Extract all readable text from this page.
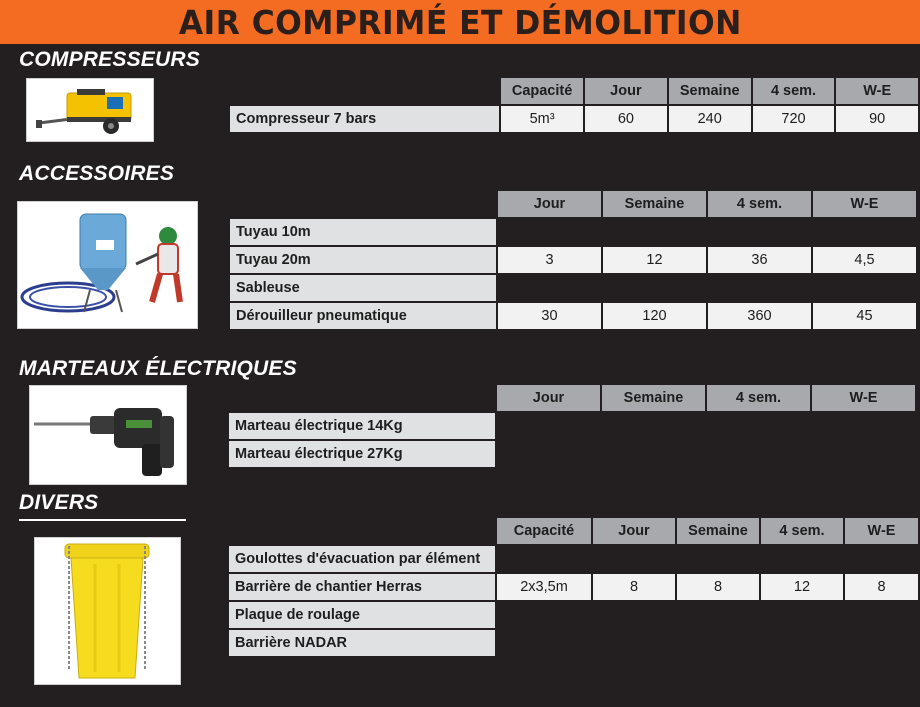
AIR COMPRIMÉ ET DÉMOLITION
COMPRESSEURS
	Capacité	Jour	Semaine	4 sem.	W-E
Compresseur 7 bars	5m³	60	240	720	90
ACCESSOIRES
	Jour	Semaine	4 sem.	W-E
Tuyau 10m				
Tuyau 20m	3	12	36	4,5
Sableuse				
Dérouilleur pneumatique	30	120	360	45
MARTEAUX ÉLECTRIQUES
	Jour	Semaine	4 sem.	W-E
Marteau électrique 14Kg				
Marteau électrique 27Kg				
DIVERS
	Capacité	Jour	Semaine	4 sem.	W-E
Goulottes d'évacuation par élément					
Barrière de chantier Herras	2x3,5m	8	8	12	8
Plaque de roulage					
Barrière NADAR					
